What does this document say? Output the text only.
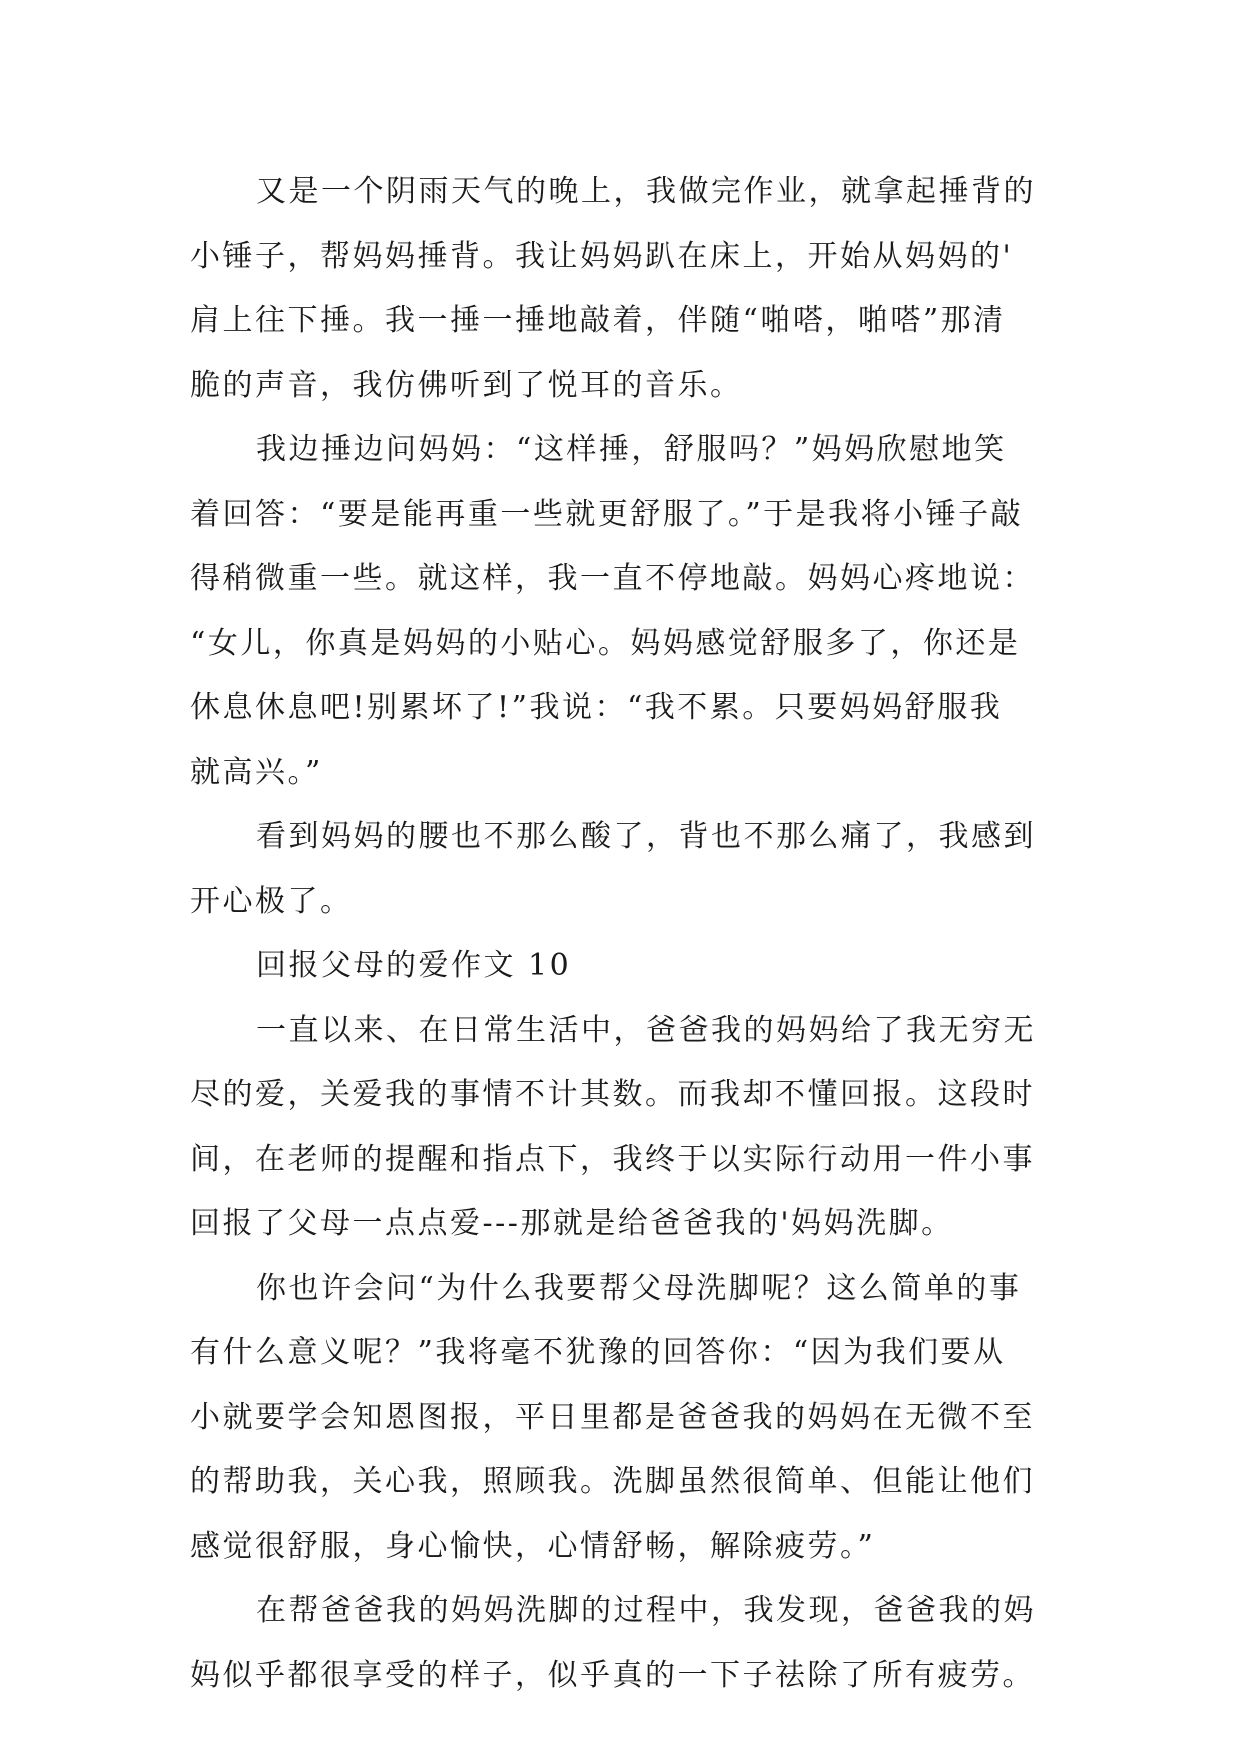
又是一个阴雨天气的晚上，我做完作业，就拿起捶背的
小锤子，帮妈妈捶背。我让妈妈趴在床上，开始从妈妈的'
肩上往下捶。我一捶一捶地敲着，伴随“啪嗒，啪嗒”那清
脆的声音，我仿佛听到了悦耳的音乐。
我边捶边问妈妈：“这样捶，舒服吗？”妈妈欣慰地笑
着回答：“要是能再重一些就更舒服了。”于是我将小锤子敲
得稍微重一些。就这样，我一直不停地敲。妈妈心疼地说：
“女儿，你真是妈妈的小贴心。妈妈感觉舒服多了，你还是
休息休息吧!别累坏了!”我说：“我不累。只要妈妈舒服我
就高兴。”
看到妈妈的腰也不那么酸了，背也不那么痛了，我感到
开心极了。
回报父母的爱作文 10
一直以来、在日常生活中，爸爸我的妈妈给了我无穷无
尽的爱，关爱我的事情不计其数。而我却不懂回报。这段时
间，在老师的提醒和指点下，我终于以实际行动用一件小事
回报了父母一点点爱---那就是给爸爸我的'妈妈洗脚。
你也许会问“为什么我要帮父母洗脚呢？这么简单的事
有什么意义呢？”我将毫不犹豫的回答你：“因为我们要从
小就要学会知恩图报，平日里都是爸爸我的妈妈在无微不至
的帮助我，关心我，照顾我。洗脚虽然很简单、但能让他们
感觉很舒服，身心愉快，心情舒畅，解除疲劳。”
在帮爸爸我的妈妈洗脚的过程中，我发现，爸爸我的妈
妈似乎都很享受的样子，似乎真的一下子祛除了所有疲劳。
